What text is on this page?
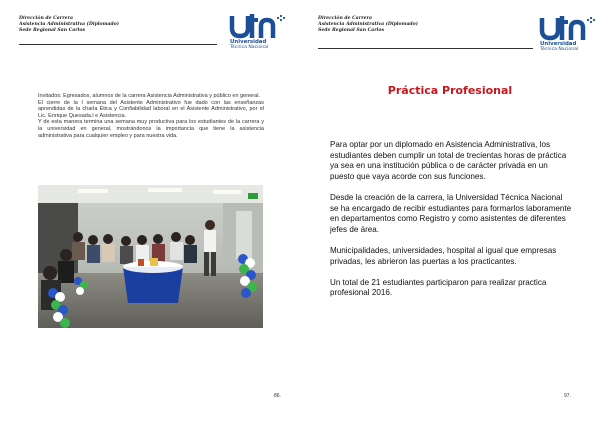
Dirección de Carrera
Asistencia Administrativa (Diplomado)
Sede Regional San Carlos
Universidad
Técnica Nacional

Invitados: Egresados, alumnos de la carrera Asistencia Administrativa y público en general.

El cierre de la I semana del Asistente Administrativo fue dado con las enseñanzas aprendidas de la charla Ética y Confiabilidad laboral en el Asistente Administrativo, por el Lic. Enrique Quesada.l e Asistencia.

Y de esta manera termina una semana muy productiva para los estudiantes de la carrera y la universidad en general, mostrándonos la importancia que tiene la asistencia administrativa para cualquier empleo y para nuestra vida.

86.
Dirección de Carrera
Asistencia Administrativa (Diplomado)
Sede Regional San Carlos
Universidad
Técnica Nacional
Práctica Profesional

Para optar por un diplomado en Asistencia Administrativa, los estudiantes deben cumplir un total de trecientas horas de práctica ya sea en una institución pública o de carácter privada en un puesto que vaya acorde con sus funciones.

Desde la creación de la carrera, la Universidad Técnica Nacional se ha encargado de recibir estudiantes para formarlos laboramente en departamentos como Registro y como asistentes de diferentes jefes de área.

Municipalidades, universidades, hospital al igual que empresas privadas, les abrieron las puertas a los practicantes.

Un total de 21 estudiantes participaron para realizar practica profesional 2016.

97.
